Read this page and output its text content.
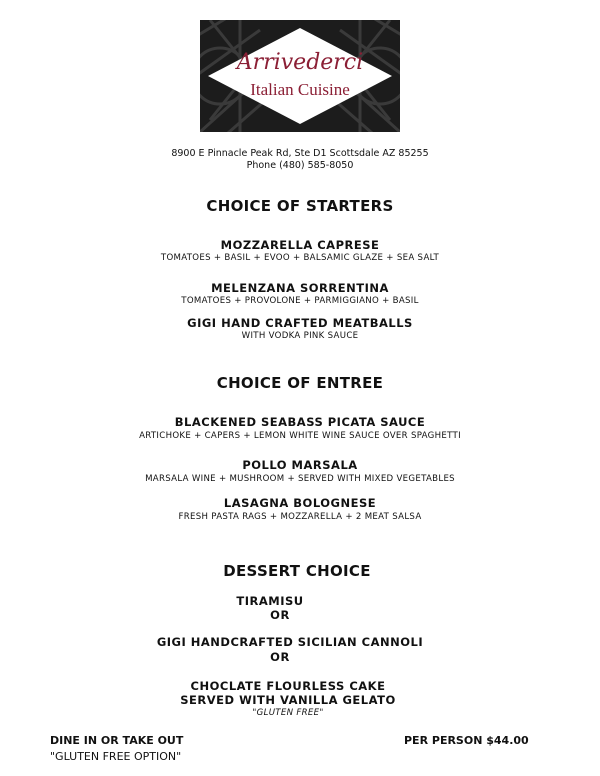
Arrivederci
Italian Cuisine
8900 E Pinnacle Peak Rd, Ste D1 Scottsdale AZ 85255
Phone (480) 585-8050
CHOICE OF STARTERS
MOZZARELLA CAPRESE
TOMATOES + BASIL + EVOO + BALSAMIC GLAZE + SEA SALT
MELENZANA SORRENTINA
TOMATOES + PROVOLONE + PARMIGGIANO + BASIL
GIGI HAND CRAFTED MEATBALLS
WITH VODKA PINK SAUCE
CHOICE OF ENTREE
BLACKENED SEABASS PICATA SAUCE
ARTICHOKE + CAPERS + LEMON WHITE WINE SAUCE OVER SPAGHETTI
POLLO MARSALA
MARSALA WINE + MUSHROOM + SERVED WITH MIXED VEGETABLES
LASAGNA BOLOGNESE
FRESH PASTA RAGS + MOZZARELLA + 2 MEAT SALSA
DESSERT CHOICE
TIRAMISU
OR
GIGI HANDCRAFTED SICILIAN CANNOLI
OR
CHOCLATE FLOURLESS CAKE
SERVED WITH VANILLA GELATO
"GLUTEN FREE"
DINE IN OR TAKE OUT
"GLUTEN FREE OPTION"
PER PERSON $44.00
